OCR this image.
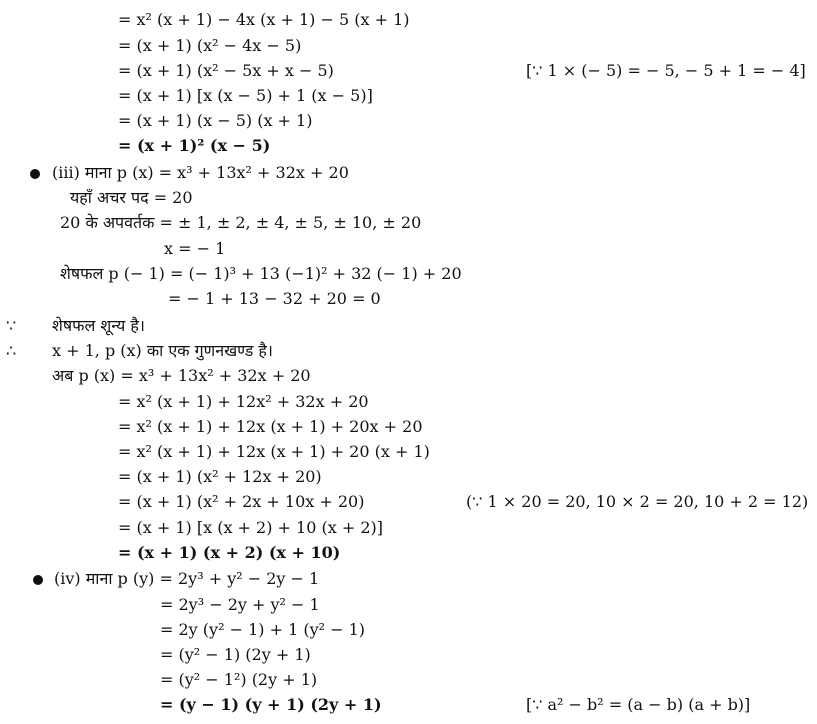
= x² (x + 1) − 4x (x + 1) − 5 (x + 1)
= (x + 1) (x² − 4x − 5)
= (x + 1) (x² − 5x + x − 5)	[∵ 1 × (− 5) = − 5, − 5 + 1 = − 4]
= (x + 1) [x (x − 5) + 1 (x − 5)]
= (x + 1) (x − 5) (x + 1)
= (x + 1)² (x − 5)
(iii) माना p (x) = x³ + 13x² + 32x + 20
यहाँ अचर पद = 20
20 के अपवर्तक = ± 1, ± 2, ± 4, ± 5, ± 10, ± 20
x = − 1
शेषफल p (− 1) = (− 1)³ + 13 (−1)² + 32 (− 1) + 20
= − 1 + 13 − 32 + 20 = 0
∵ शेषफल शून्य है।
∴ x + 1, p (x) का एक गुणनखण्ड है।
अब p (x) = x³ + 13x² + 32x + 20
= x² (x + 1) + 12x² + 32x + 20
= x² (x + 1) + 12x (x + 1) + 20x + 20
= x² (x + 1) + 12x (x + 1) + 20 (x + 1)
= (x + 1) (x² + 12x + 20)
= (x + 1) (x² + 2x + 10x + 20)	(∵ 1 × 20 = 20, 10 × 2 = 20, 10 + 2 = 12)
= (x + 1) [x (x + 2) + 10 (x + 2)]
= (x + 1) (x + 2) (x + 10)
(iv) माना p (y) = 2y³ + y² − 2y − 1
= 2y³ − 2y + y² − 1
= 2y (y² − 1) + 1 (y² − 1)
= (y² − 1) (2y + 1)
= (y² − 1²) (2y + 1)
= (y − 1) (y + 1) (2y + 1)	[∵ a² − b² = (a − b) (a + b)]
